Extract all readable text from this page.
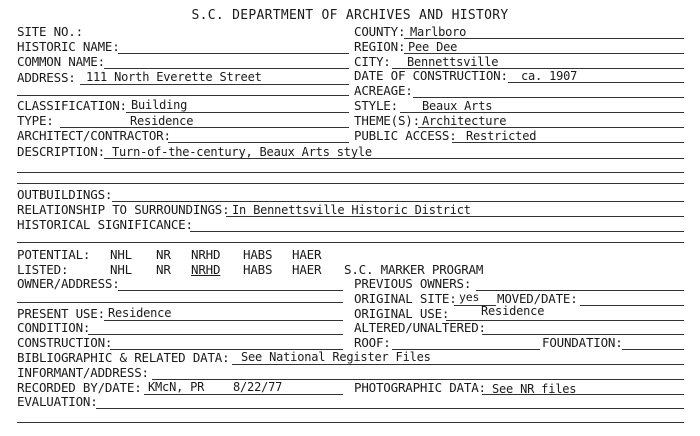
S.C. DEPARTMENT OF ARCHIVES AND HISTORY
SITE NO.:
HISTORIC NAME:
COMMON NAME:
ADDRESS: 111 North Everette Street
CLASSIFICATION: Building
TYPE:	Residence
ARCHITECT/CONTRACTOR:
DESCRIPTION: Turn-of-the-century, Beaux Arts style
OUTBUILDINGS:
RELATIONSHIP TO SURROUNDINGS: In Bennettsville Historic District
HISTORICAL SIGNIFICANCE:
POTENTIAL: NHL NR NRHD HABS HAER
LISTED:	NHL NR NRHD HABS HAER
OWNER/ADDRESS:
PRESENT USE: Residence
CONDITION:
CONSTRUCTION:
BIBLIOGRAPHIC & RELATED DATA: See National Register Files
INFORMANT/ADDRESS:
RECORDED BY/DATE: KMcN, PR 8/22/77
EVALUATION:
COUNTY: Marlboro
REGION: Pee Dee
CITY: Bennettsville
DATE OF CONSTRUCTION: ca. 1907
ACREAGE:
STYLE: Beaux Arts
THEME(S): Architecture
PUBLIC ACCESS: Restricted
S.C. MARKER PROGRAM
PREVIOUS OWNERS:
ORIGINAL SITE: yes MOVED/DATE:
ORIGINAL USE:	Residence
ALTERED/UNALTERED:
ROOF:	FOUNDATION:
PHOTOGRAPHIC DATA: See NR files
